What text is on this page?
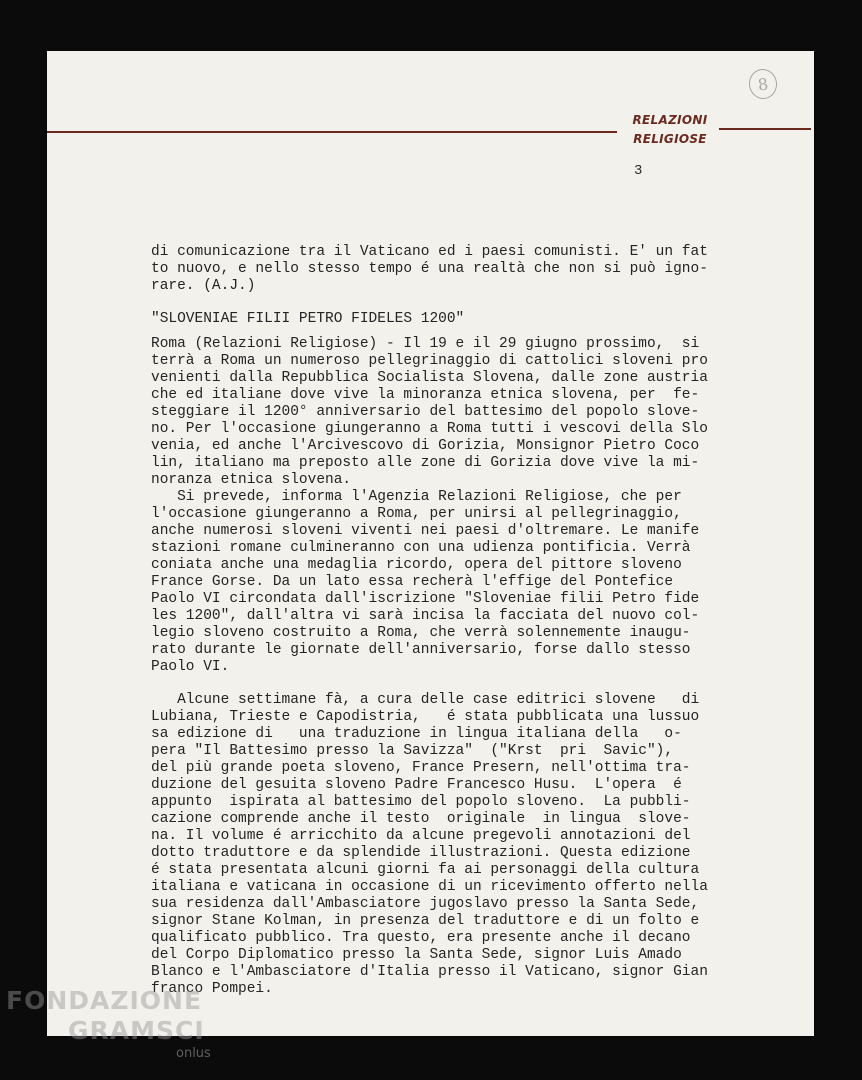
RELAZIONI
RELIGIOSE
8
3
di comunicazione tra il Vaticano ed i paesi comunisti. E' un fat
to nuovo, e nello stesso tempo é una realtà che non si può igno-
rare. (A.J.)
"SLOVENIAE FILII PETRO FIDELES 1200"
Roma (Relazioni Religiose) - Il 19 e il 29 giugno prossimo,  si
terrà a Roma un numeroso pellegrinaggio di cattolici sloveni pro
venienti dalla Repubblica Socialista Slovena, dalle zone austria
che ed italiane dove vive la minoranza etnica slovena, per  fe-
steggiare il 1200° anniversario del battesimo del popolo slove-
no. Per l'occasione giungeranno a Roma tutti i vescovi della Slo
venia, ed anche l'Arcivescovo di Gorizia, Monsignor Pietro Coco
lin, italiano ma preposto alle zone di Gorizia dove vive la mi-
noranza etnica slovena.
Si prevede, informa l'Agenzia Relazioni Religiose, che per
l'occasione giungeranno a Roma, per unirsi al pellegrinaggio,
anche numerosi sloveni viventi nei paesi d'oltremare. Le manife
stazioni romane culmineranno con una udienza pontificia. Verrà
coniata anche una medaglia ricordo, opera del pittore sloveno
France Gorse. Da un lato essa recherà l'effige del Pontefice
Paolo VI circondata dall'iscrizione "Sloveniae filii Petro fide
les 1200", dall'altra vi sarà incisa la facciata del nuovo col-
legio sloveno costruito a Roma, che verrà solennemente inaugu-
rato durante le giornate dell'anniversario, forse dallo stesso
Paolo VI.
Alcune settimane fà, a cura delle case editrici slovene   di
Lubiana, Trieste e Capodistria,   é stata pubblicata una lussuo
sa edizione di   una traduzione in lingua italiana della   o-
pera "Il Battesimo presso la Savizza"  ("Krst  pri  Savic"),
del più grande poeta sloveno, France Presern, nell'ottima tra-
duzione del gesuita sloveno Padre Francesco Husu.  L'opera  é
appunto  ispirata al battesimo del popolo sloveno.  La pubbli-
cazione comprende anche il testo  originale  in lingua  slove-
na. Il volume é arricchito da alcune pregevoli annotazioni del
dotto traduttore e da splendide illustrazioni. Questa edizione
é stata presentata alcuni giorni fa ai personaggi della cultura
italiana e vaticana in occasione di un ricevimento offerto nella
sua residenza dall'Ambasciatore jugoslavo presso la Santa Sede,
signor Stane Kolman, in presenza del traduttore e di un folto e
qualificato pubblico. Tra questo, era presente anche il decano
del Corpo Diplomatico presso la Santa Sede, signor Luis Amado
Blanco e l'Ambasciatore d'Italia presso il Vaticano, signor Gian
franco Pompei.
FONDAZIONE
GRAMSCI
onlus
